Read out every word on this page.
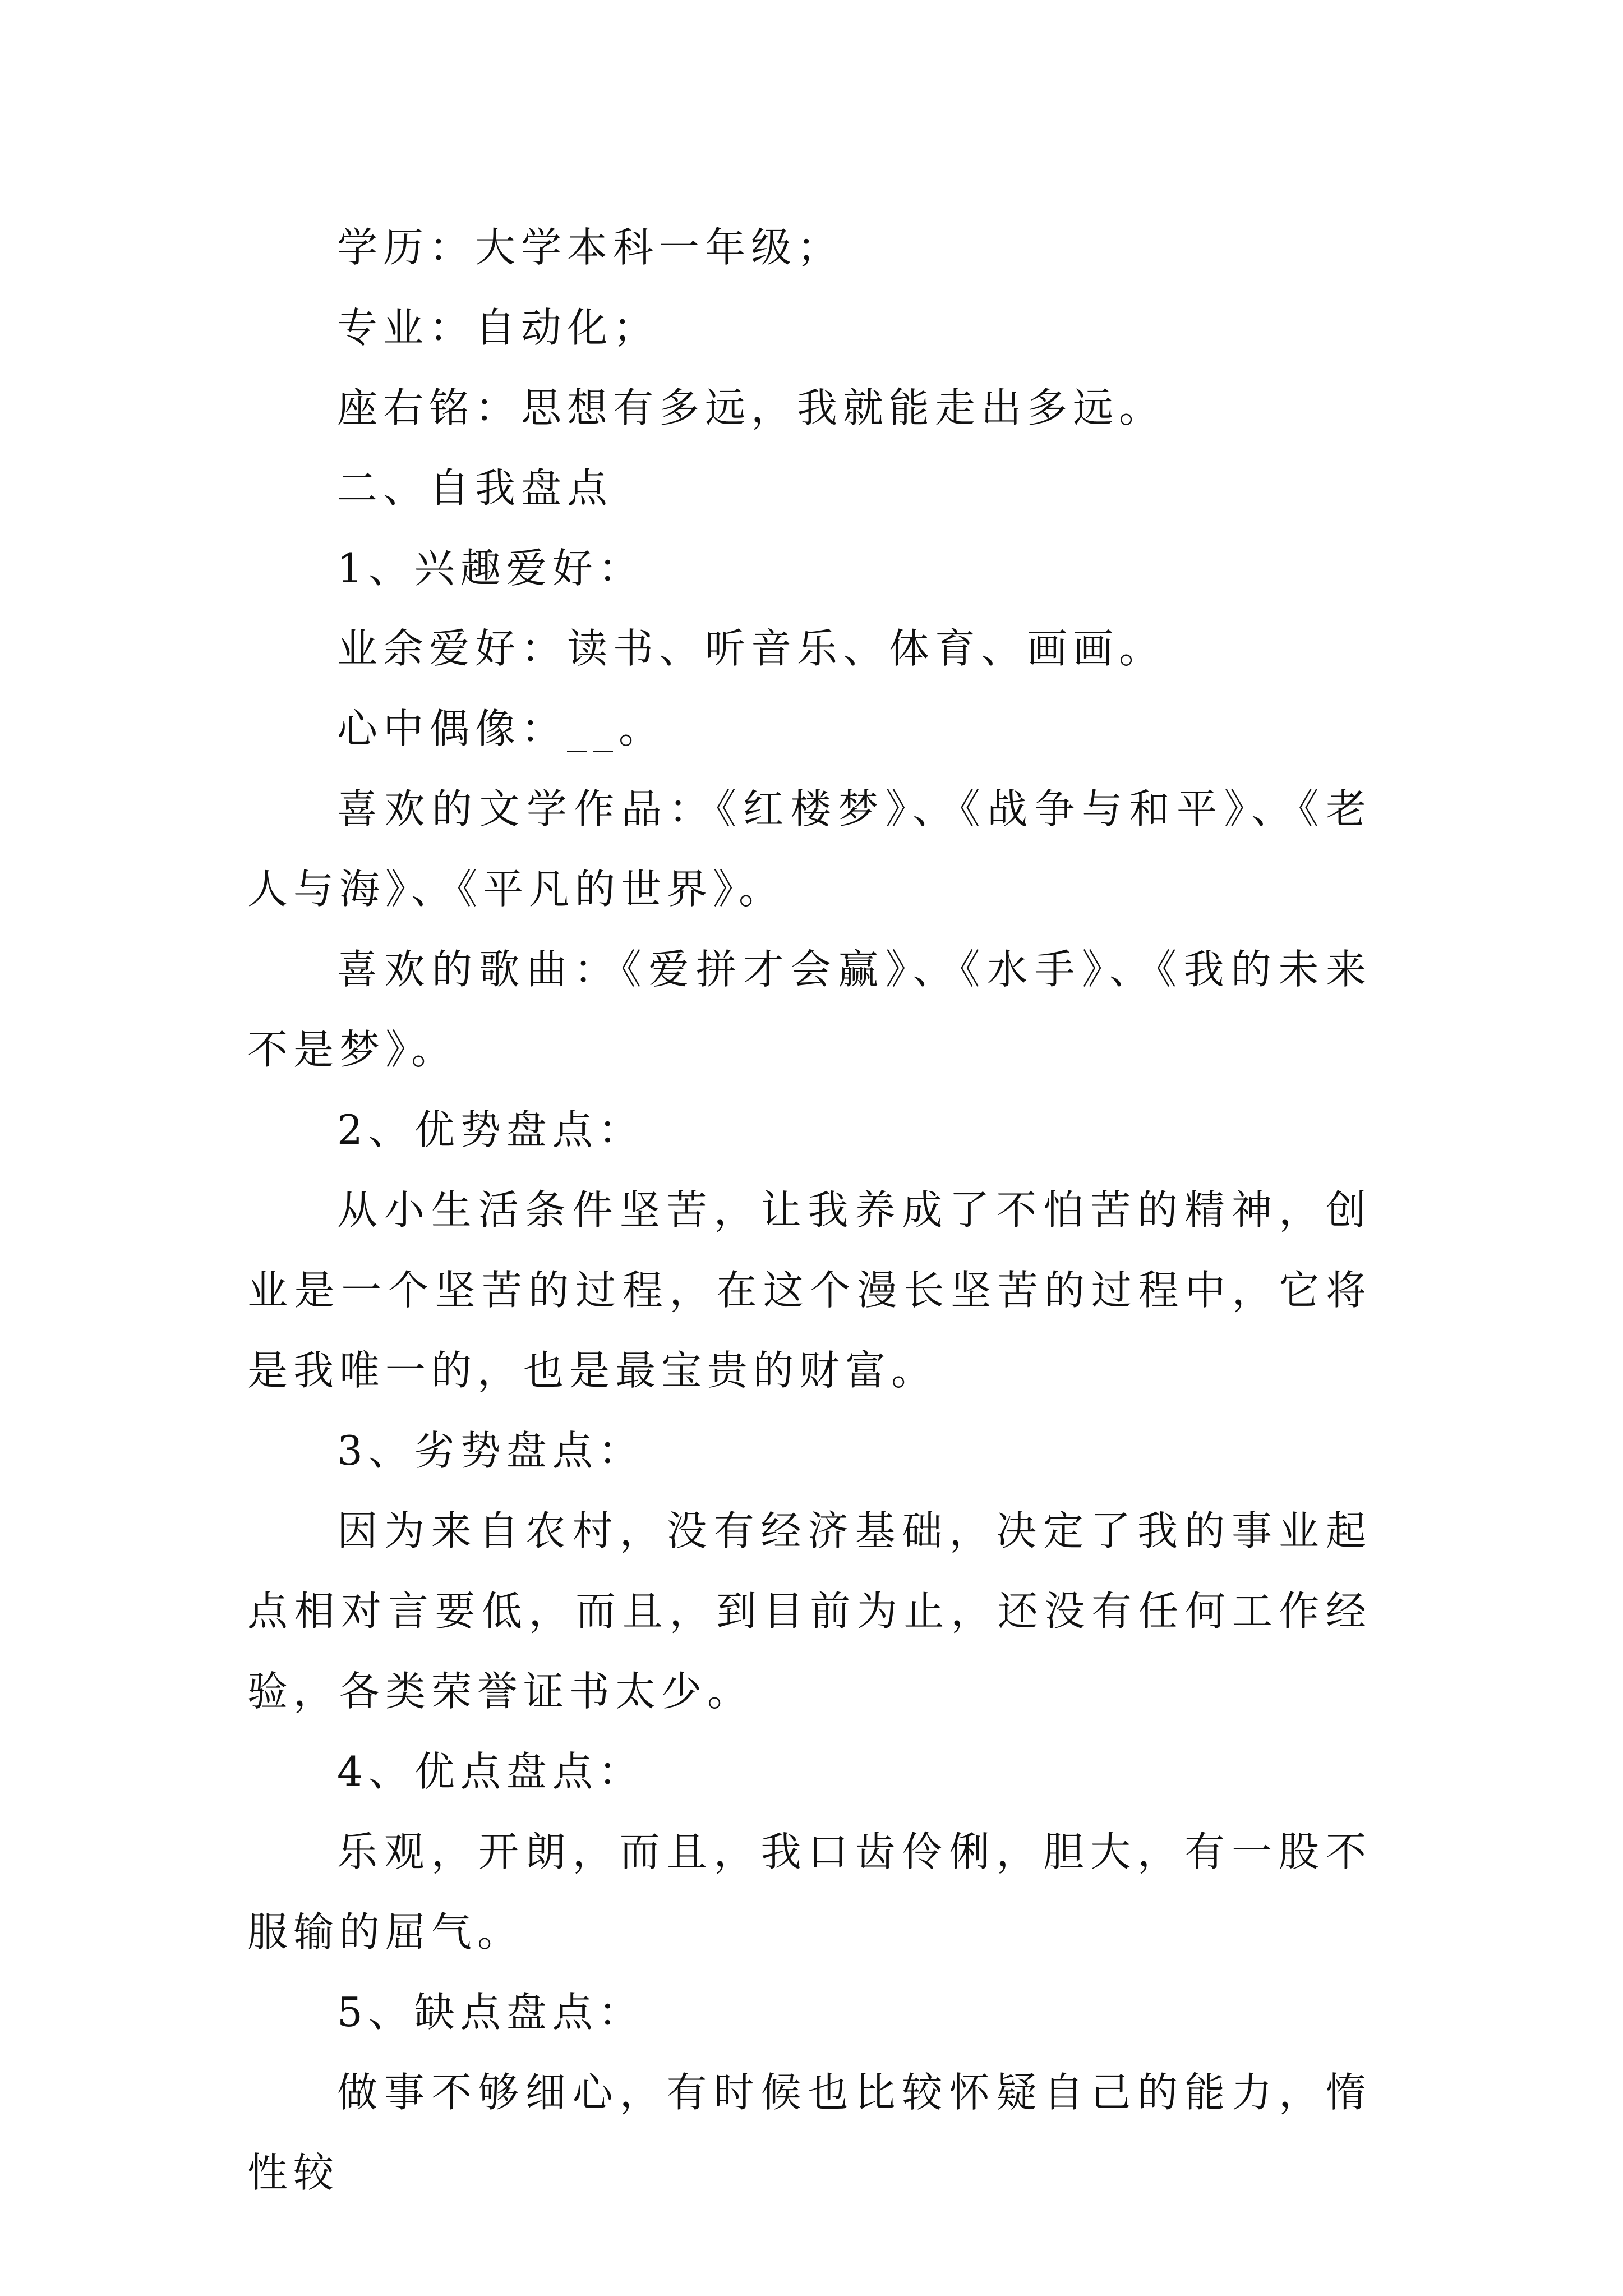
学历：大学本科一年级；

专业：自动化；

座右铭：思想有多远，我就能走出多远。

二、自我盘点

1、兴趣爱好：

业余爱好：读书、听音乐、体育、画画。

心中偶像：__。

喜欢的文学作品：《红楼梦》、《战争与和平》、《老人与海》、《平凡的世界》。

喜欢的歌曲：《爱拼才会赢》、《水手》、《我的未来不是梦》。

2、优势盘点：

从小生活条件坚苦，让我养成了不怕苦的精神，创业是一个坚苦的过程，在这个漫长坚苦的过程中，它将是我唯一的，也是最宝贵的财富。

3、劣势盘点：

因为来自农村，没有经济基础，决定了我的事业起点相对言要低，而且，到目前为止，还没有任何工作经验，各类荣誉证书太少。

4、优点盘点：

乐观，开朗，而且，我口齿伶俐，胆大，有一股不服输的屈气。

5、缺点盘点：

做事不够细心，有时候也比较怀疑自己的能力，惰性较
